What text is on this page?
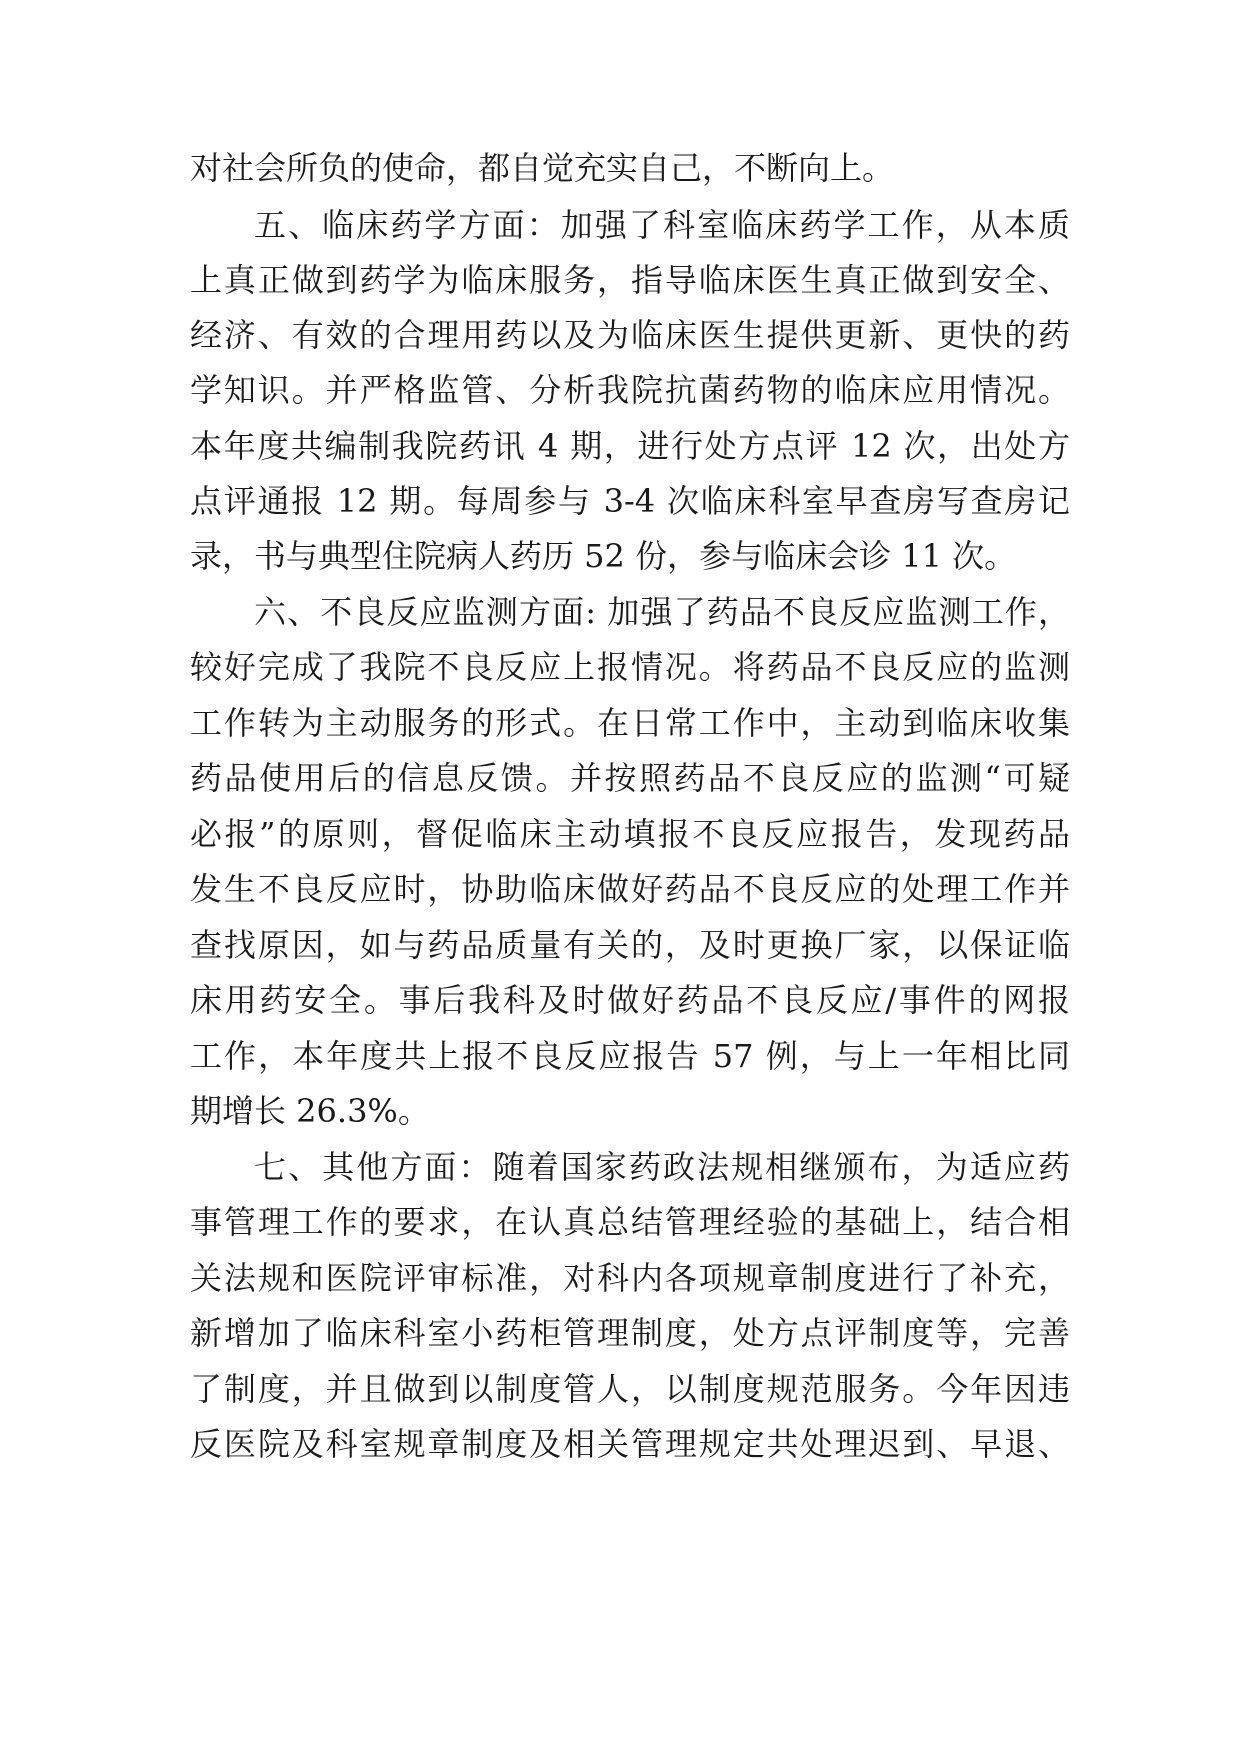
对社会所负的使命，都自觉充实自己，不断向上。
五、临床药学方面：加强了科室临床药学工作，从本质
上真正做到药学为临床服务，指导临床医生真正做到安全、
经济、有效的合理用药以及为临床医生提供更新、更快的药
学知识。并严格监管、分析我院抗菌药物的临床应用情况。
本年度共编制我院药讯 4 期，进行处方点评 12 次，出处方
点评通报 12 期。每周参与 3-4 次临床科室早查房写查房记
录，书与典型住院病人药历 52 份，参与临床会诊 11 次。
六、不良反应监测方面: 加强了药品不良反应监测工作，
较好完成了我院不良反应上报情况。将药品不良反应的监测
工作转为主动服务的形式。在日常工作中，主动到临床收集
药品使用后的信息反馈。并按照药品不良反应的监测“可疑
必报”的原则，督促临床主动填报不良反应报告，发现药品
发生不良反应时，协助临床做好药品不良反应的处理工作并
查找原因，如与药品质量有关的，及时更换厂家，以保证临
床用药安全。事后我科及时做好药品不良反应/事件的网报
工作，本年度共上报不良反应报告 57 例，与上一年相比同
期增长 26.3%。
七、其他方面：随着国家药政法规相继颁布，为适应药
事管理工作的要求，在认真总结管理经验的基础上，结合相
关法规和医院评审标准，对科内各项规章制度进行了补充，
新增加了临床科室小药柜管理制度，处方点评制度等，完善
了制度，并且做到以制度管人，以制度规范服务。今年因违
反医院及科室规章制度及相关管理规定共处理迟到、早退、
